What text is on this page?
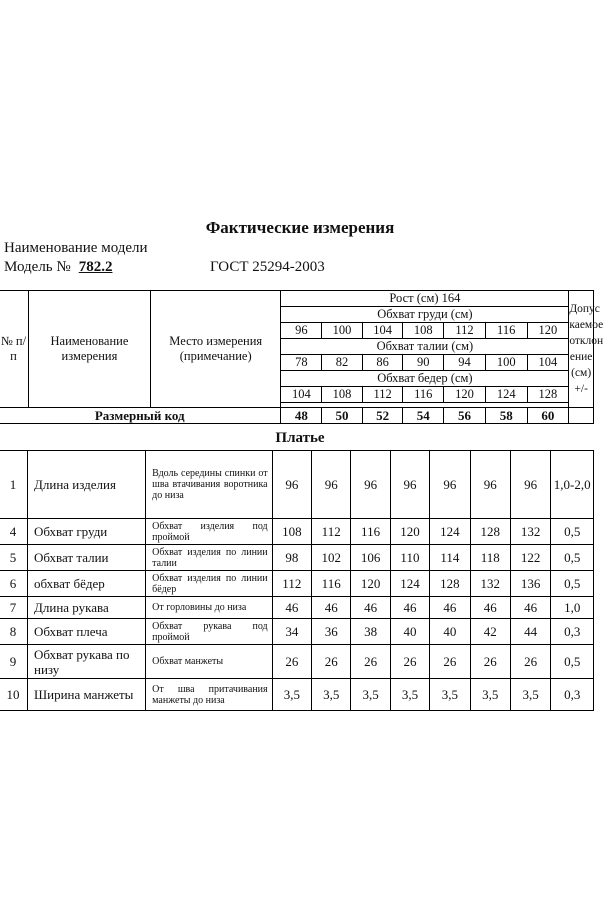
Фактические измерения
Наименование модели
Модель № 782.2	ГОСТ 25294-2003
№ п/п	Наименование измерения	Место измерения (примечание)	Рост (см) 164							Допус каемое отклон ение (см) +/-
			Обхват груди (см)							
			96	100	104	108	112	116	120	
			Обхват талии (см)							
			78	82	86	90	94	100	104	
			Обхват бедер (см)							
			104	108	112	116	120	124	128	

Размерный код			48	50	52	54	56	58	60	
Платье
1	Длина изделия	Вдоль середины спинки от шва втачивания воротника до низа	96	96	96	96	96	96	96	1,0-2,0
4	Обхват груди	Обхват изделия под проймой	108	112	116	120	124	128	132	0,5
5	Обхват талии	Обхват изделия по линии талии	98	102	106	110	114	118	122	0,5
6	обхват бёдер	Обхват изделия по линии бёдер	112	116	120	124	128	132	136	0,5
7	Длина рукава	От горловины до низа	46	46	46	46	46	46	46	1,0
8	Обхват плеча	Обхват рукава под проймой	34	36	38	40	40	42	44	0,3
9	Обхват рукава по низу	Обхват манжеты	26	26	26	26	26	26	26	0,5
10	Ширина манжеты	От шва притачивания манжеты до низа	3,5	3,5	3,5	3,5	3,5	3,5	3,5	0,3
